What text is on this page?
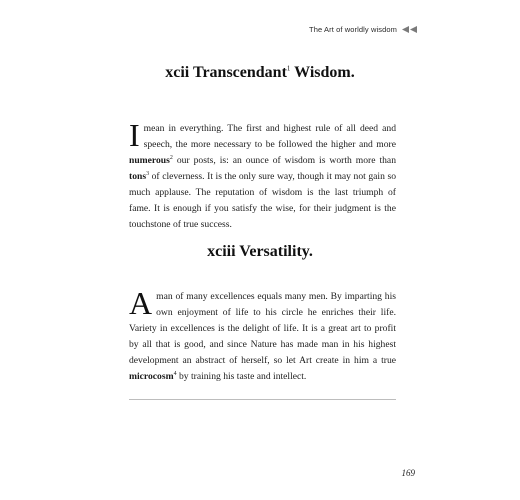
The Art of worldly wisdom
xcii Transcendant$^1$ Wisdom.

Imean in everything. The first and highest rule of all deed and speech, the more necessary to be followed the higher and more numerous$^2$ our posts, is: an ounce of wisdom is worth more than tons$^3$ of cleverness. It is the only sure way, though it may not gain so much applause. The reputation of wisdom is the last triumph of fame. It is enough if you satisfy the wise, for their judgment is the touchstone of true success.

xciii Versatility.

A man of many excellences equals many men. By imparting his own enjoyment of life to his circle he enriches their life. Variety in excellences is the delight of life. It is a great art to profit by all that is good, and since Nature has made man in his highest development an abstract of herself, so let Art create in him a true microcosm$^4$ by training his taste and intellect.

169
